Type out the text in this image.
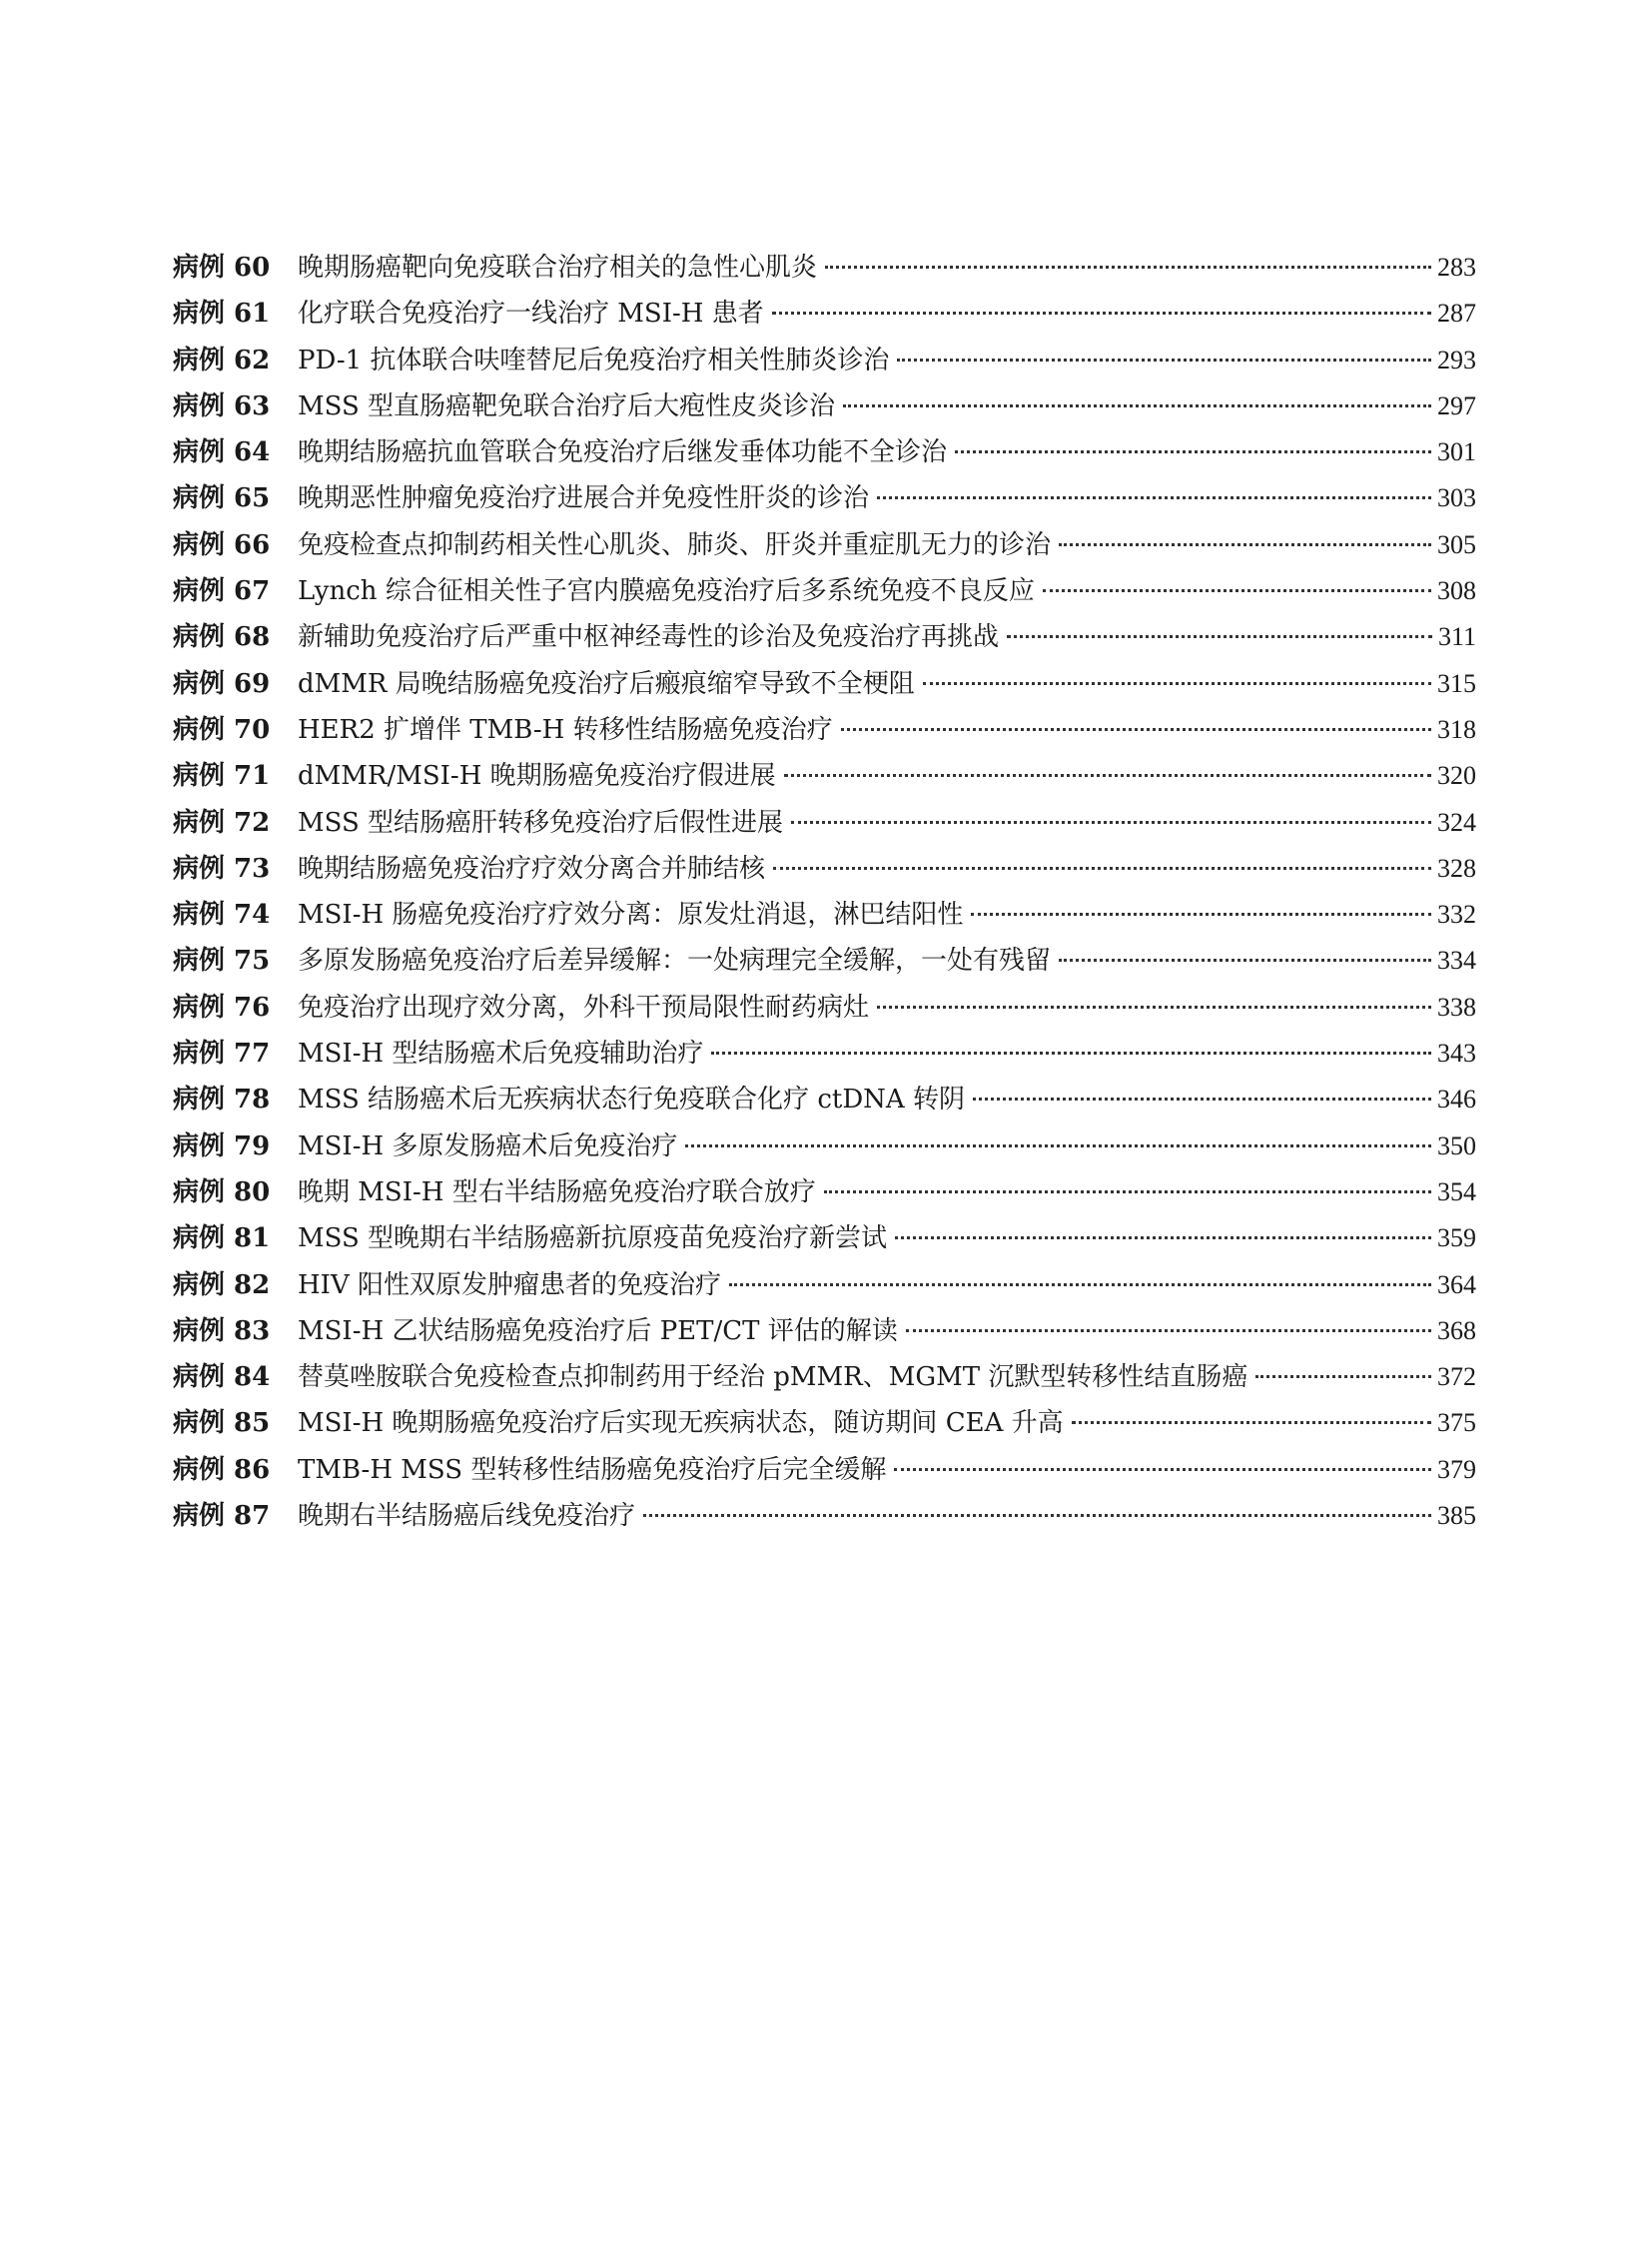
病例 60	晚期肠癌靶向免疫联合治疗相关的急性心肌炎	283
病例 61	化疗联合免疫治疗一线治疗 MSI-H 患者	287
病例 62	PD-1 抗体联合呋喹替尼后免疫治疗相关性肺炎诊治	293
病例 63	MSS 型直肠癌靶免联合治疗后大疱性皮炎诊治	297
病例 64	晚期结肠癌抗血管联合免疫治疗后继发垂体功能不全诊治	301
病例 65	晚期恶性肿瘤免疫治疗进展合并免疫性肝炎的诊治	303
病例 66	免疫检查点抑制药相关性心肌炎、肺炎、肝炎并重症肌无力的诊治	305
病例 67	Lynch 综合征相关性子宫内膜癌免疫治疗后多系统免疫不良反应	308
病例 68	新辅助免疫治疗后严重中枢神经毒性的诊治及免疫治疗再挑战	311
病例 69	dMMR 局晚结肠癌免疫治疗后瘢痕缩窄导致不全梗阻	315
病例 70	HER2 扩增伴 TMB-H 转移性结肠癌免疫治疗	318
病例 71	dMMR/MSI-H 晚期肠癌免疫治疗假进展	320
病例 72	MSS 型结肠癌肝转移免疫治疗后假性进展	324
病例 73	晚期结肠癌免疫治疗疗效分离合并肺结核	328
病例 74	MSI-H 肠癌免疫治疗疗效分离：原发灶消退，淋巴结阳性	332
病例 75	多原发肠癌免疫治疗后差异缓解：一处病理完全缓解，一处有残留	334
病例 76	免疫治疗出现疗效分离，外科干预局限性耐药病灶	338
病例 77	MSI-H 型结肠癌术后免疫辅助治疗	343
病例 78	MSS 结肠癌术后无疾病状态行免疫联合化疗 ctDNA 转阴	346
病例 79	MSI-H 多原发肠癌术后免疫治疗	350
病例 80	晚期 MSI-H 型右半结肠癌免疫治疗联合放疗	354
病例 81	MSS 型晚期右半结肠癌新抗原疫苗免疫治疗新尝试	359
病例 82	HIV 阳性双原发肿瘤患者的免疫治疗	364
病例 83	MSI-H 乙状结肠癌免疫治疗后 PET/CT 评估的解读	368
病例 84	替莫唑胺联合免疫检查点抑制药用于经治 pMMR、MGMT 沉默型转移性结直肠癌	372
病例 85	MSI-H 晚期肠癌免疫治疗后实现无疾病状态，随访期间 CEA 升高	375
病例 86	TMB-H MSS 型转移性结肠癌免疫治疗后完全缓解	379
病例 87	晚期右半结肠癌后线免疫治疗	385
